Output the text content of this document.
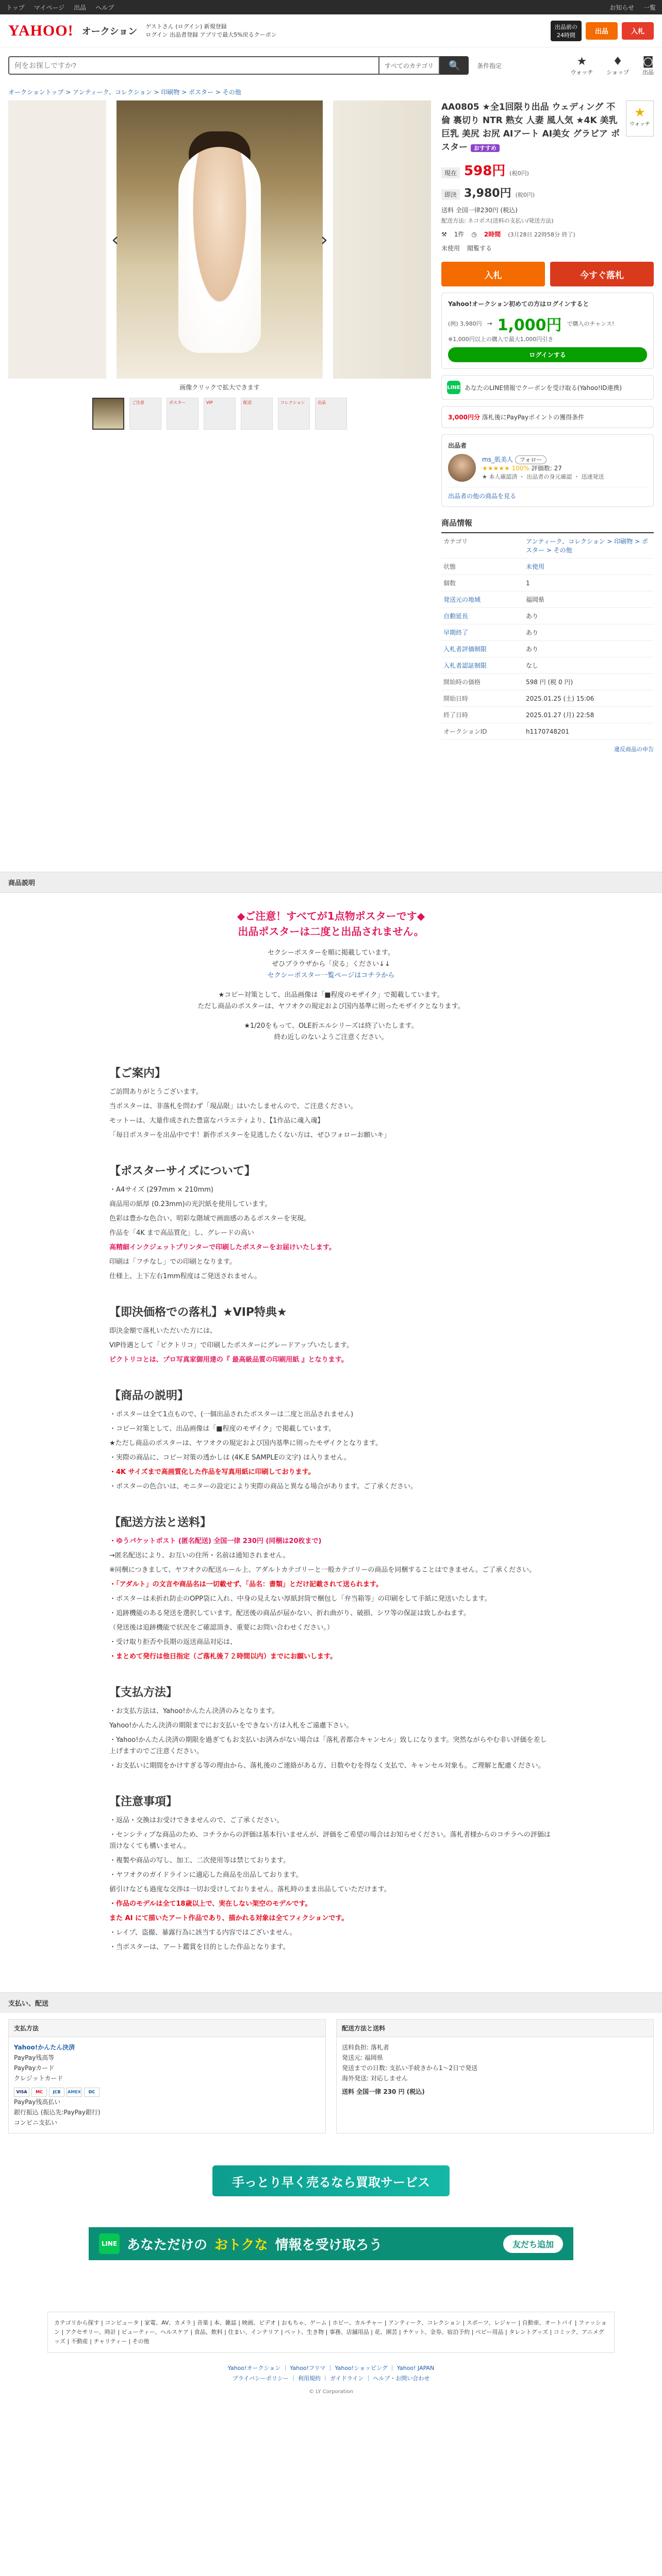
トップ マイページ 出品 ヘルプ	お知らせ 一覧
YAHOO! オークション ゲストさん (ログイン) 新規登録
ログイン 出品者登録 アプリで最大5%戻るクーポン
出品前の
24時間	出品	入札
何をお探しですか?
すべてのカテゴリ	🔍	条件指定	★
ウォッチ
♦
ショップ
◙
出品
オークショントップ > アンティーク、コレクション > 印刷物 > ポスター > その他
‹	›
画像クリックで拡大できます
ご注意	ポスター	VIP	配送	コレクション	出品
★
ウォッチ
AA0805 ★全1回限り出品 ウェディング 不倫 裏切り NTR 熟女 人妻 風人気 ★4K 美乳 巨乳 美尻 お尻 AIアート AI美女 グラビア ポスター おすすめ
現在 598円 (税0円)
即決 3,980円 (税0円)
送料 全国一律230円 (税込)
配送方法: ネコポス(送料の支払い/発送方法)
⚒ 1件 ◷ 2時間 (3月28日 22時58分 終了)
未使用 閲覧する
入札	今すぐ落札
Yahoo!オークション初めての方はログインすると
(例) 3,980円 → 1,000円 で購入のチャンス!
※1,000円以上の購入で最大1,000円引き
ログインする
LINE あなたのLINE情報でクーポンを受け取る(Yahoo!ID連携)
3,000円分 落札後にPayPayポイントの獲得条件
出品者
ms_肌美人 フォロー
★★★★★ 100% 評価数: 27
★ 本人確認済 ・ 出品者の身元確認 ・ 迅速発送
出品者の他の商品を見る
商品情報
カテゴリ	アンティーク、コレクション > 印刷物 > ポスター > その他
状態	未使用
個数	1
発送元の地域	福岡県
自動延長	あり
早期終了	あり
入札者評価制限	あり
入札者認証制限	なし
開始時の価格	598 円 (税 0 円)
開始日時	2025.01.25 (土) 15:06
終了日時	2025.01.27 (月) 22:58
オークションID	h1170748201
違反商品の申告
商品説明
◆ご注意！すべてが1点物ポスターです◆
出品ポスターは二度と出品されません。
セクシーポスターを順に掲載しています。
ぜひブラウザから「戻る」ください↓↓
セクシーポスター一覧ページはコチラから
★コピー対策として、出品画像は「■程度のモザイク」で掲載しています。
ただし商品のポスターは、ヤフオクの規定および国内基準に則ったモザイクとなります。
★1/20をもって、OLE折エルシリーズは終了いたします。
終わ近しのないようご注意ください。
【ご案内】

ご訪問ありがとうございます。

当ポスターは、非落札を問わず「現品限」はいたしませんので、ご注意ください。

モットーは、大量作成された豊富なバラエティより、【1作品に魂入魂】

「毎日ポスターを出品中です！新作ポスターを見逃したくない方は、ぜひフォローお願いキ」

【ポスターサイズについて】

・A4サイズ (297mm × 210mm)

商品用の紙厚 (0.23mm)の光沢紙を使用しています。

色彩は豊かな色合い、明彩な階域で画面感のあるポスターを実現。

作品を「4K まで高品質化」し、グレードの高い

高精細インクジェットプリンターで印刷したポスターをお届けいたします。

印刷は「フチなし」での印刷となります。

仕様上、上下左右1mm程度はご発送されません。

【即決価格での落札】★VIP特典★

即決金額で落札いただいた方には、

VIP待遇として「ピクトリコ」で印刷したポスターにグレードアップいたします。

ピクトリコとは、プロ写真家御用達の『 最高級品質の印刷用紙 』となります。

【商品の説明】

・ポスターは全て1点もので、(一個出品されたポスターは二度と出品されません)

・コピー対策として、出品画像は「■程度のモザイク」で掲載しています。

★ただし商品のポスターは、ヤフオクの規定および国内基準に則ったモザイクとなります。

・実際の商品に、コピー対策の透かしは (4K.E SAMPLEの文字) は入りません。

・4K サイズまで高画質化した作品を写真用紙に印刷しております。

・ポスターの色合いは、モニターの設定により実際の商品と異なる場合があります。ご了承ください。

【配送方法と送料】

・ゆうパケットポスト (匿名配送) 全国一律 230円 (同梱は20枚まで)

→匿名配送により、お互いの住所・名前は通知されません。

※同梱につきまして、ヤフオクの配送ルール上、アダルトカテゴリーと一般カテゴリーの商品を同梱することはできません。ご了承ください。

・「アダルト」の文言や商品名は一切載せず、「品名：書類」とだけ記載されて送られます。

・ポスターは未折れ防止のOPP袋に入れ、中身の見えない厚紙封筒で梱包し「弁当箱等」の印刷をして手紙に発送いたします。

・追跡機能のある発送を選択しています。配送後の商品が届かない、折れ曲がり、破損、シワ等の保証は致しかねます。

（発送後は追跡機能で状況をご確認頂き、重要にお問い合わせください。）

・受け取り拒否や長期の返送商品対応は、

・まとめて発行は他日指定（ご落札後７２時間以内）までにお願いします。

【支払方法】

・お支払方法は、Yahoo!かんたん決済のみとなります。

Yahoo!かんたん決済の期限までにお支払いをできない方は入札をご遠慮下さい。

・Yahoo!かんたん決済の期限を過ぎてもお支払いお済みがない場合は「落札者都合キャンセル」致しになります。突然ながらやむ非い評価を差し上げますのでご注意ください。

・お支払いに期間をかけすぎる等の理由から、落札後のご連絡がある方、日数やむを得なく支払で、キャンセル対象も。ご理解と配慮ください。

【注意事項】

・返品・交換はお受けできませんので、ご了承ください。

・センシティブな商品のため、コチラからの評価は基本行いませんが、評価をご希望の場合はお知らせください。落札者様からのコチラへの評価は頂けなくても構いません。

・複製や商品の写し、加工、二次使用等は禁じております。

・ヤフオクのガイドラインに適応した商品を出品しております。

値引けなども過度な交渉は一切お受けしておりません。落札時のまま出品していただけます。

・作品のモデルは全て18歳以上で、実在しない架空のモデルです。

また AI にて描いたアート作品であり、描かれる対象は全てフィクションです。

・レイプ、盗撮、暴露行為に該当する内容ではございません。

・当ポスターは、アート鑑賞を目的とした作品となります。

支払い、配送
支払方法
Yahoo!かんたん決済
PayPay残高等
PayPayカード
クレジットカード
VISA	MC	JCB	AMEX	DC
PayPay残高払い
銀行振込 (振込先:PayPay銀行)
コンビニ支払い
配送方法と送料
送料負担: 落札者
発送元: 福岡県
発送までの日数: 支払い手続きから1〜2日で発送
海外発送: 対応しません
送料 全国一律 230 円 (税込)
手っとり早く売るなら買取サービス
LINE あなただけの おトクな 情報を受け取ろう	友だち追加
カテゴリから探す | コンピュータ | 家電、AV、カメラ | 音楽 | 本、雑誌 | 映画、ビデオ | おもちゃ、ゲーム | ホビー、カルチャー | アンティーク、コレクション | スポーツ、レジャー | 自動車、オートバイ | ファッション | アクセサリー、時計 | ビューティー、ヘルスケア | 食品、飲料 | 住まい、インテリア | ペット、生き物 | 事務、店舗用品 | 花、園芸 | チケット、金券、宿泊予約 | ベビー用品 | タレントグッズ | コミック、アニメグッズ | 不動産 | チャリティー | その他
Yahoo!オークション ｜ Yahoo!フリマ ｜ Yahoo!ショッピング ｜ Yahoo! JAPAN
プライバシーポリシー ｜ 利用規約 ｜ ガイドライン ｜ ヘルプ・お問い合わせ
© LY Corporation
